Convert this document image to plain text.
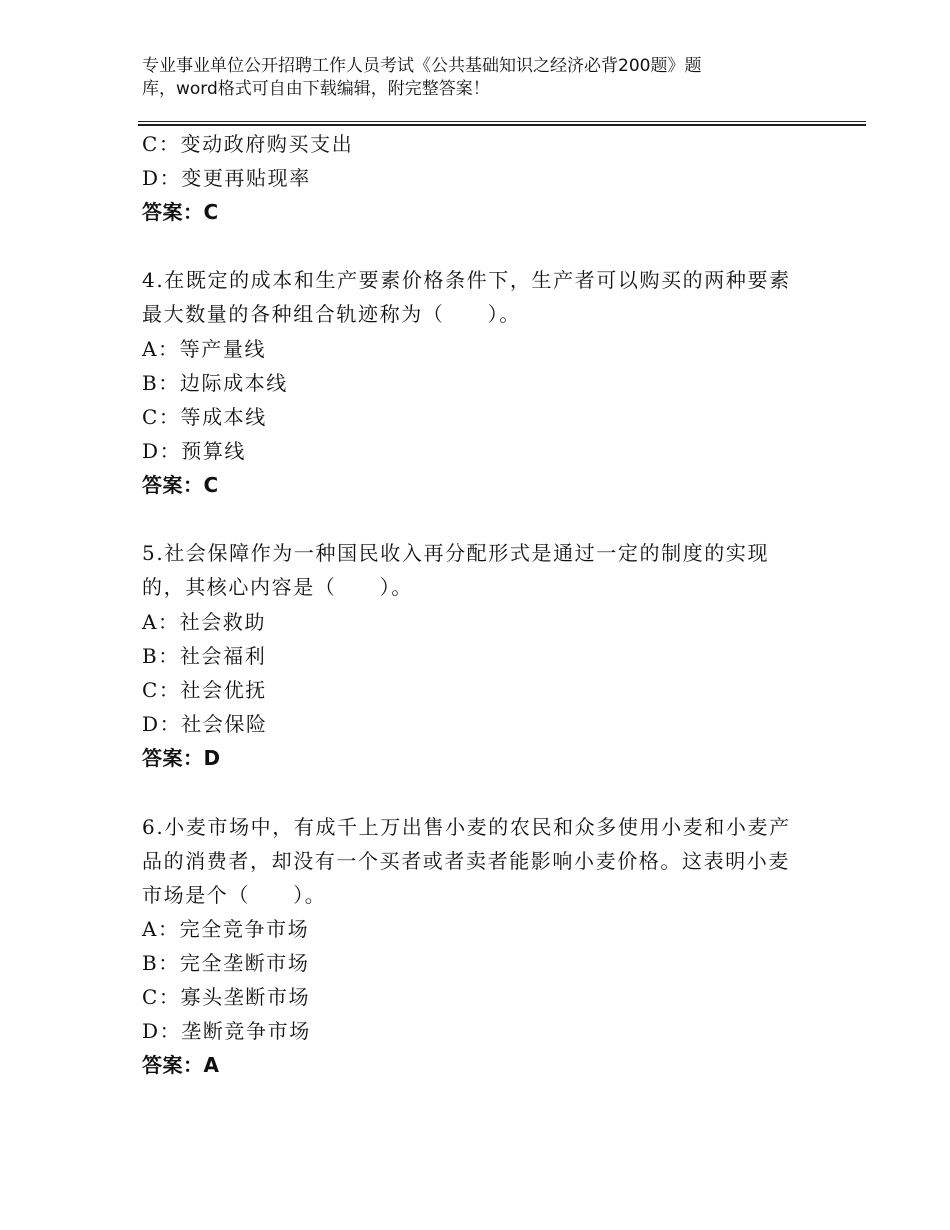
专业事业单位公开招聘工作人员考试《公共基础知识之经济必背200题》题
库，word格式可自由下载编辑，附完整答案！
C：变动政府购买支出
D：变更再贴现率
答案：C
4.在既定的成本和生产要素价格条件下，生产者可以购买的两种要素
最大数量的各种组合轨迹称为（　　）。
A：等产量线
B：边际成本线
C：等成本线
D：预算线
答案：C
5.社会保障作为一种国民收入再分配形式是通过一定的制度的实现
的，其核心内容是（　　）。
A：社会救助
B：社会福利
C：社会优抚
D：社会保险
答案：D
6.小麦市场中，有成千上万出售小麦的农民和众多使用小麦和小麦产
品的消费者，却没有一个买者或者卖者能影响小麦价格。这表明小麦
市场是个（　　）。
A：完全竞争市场
B：完全垄断市场
C：寡头垄断市场
D：垄断竞争市场
答案：A
